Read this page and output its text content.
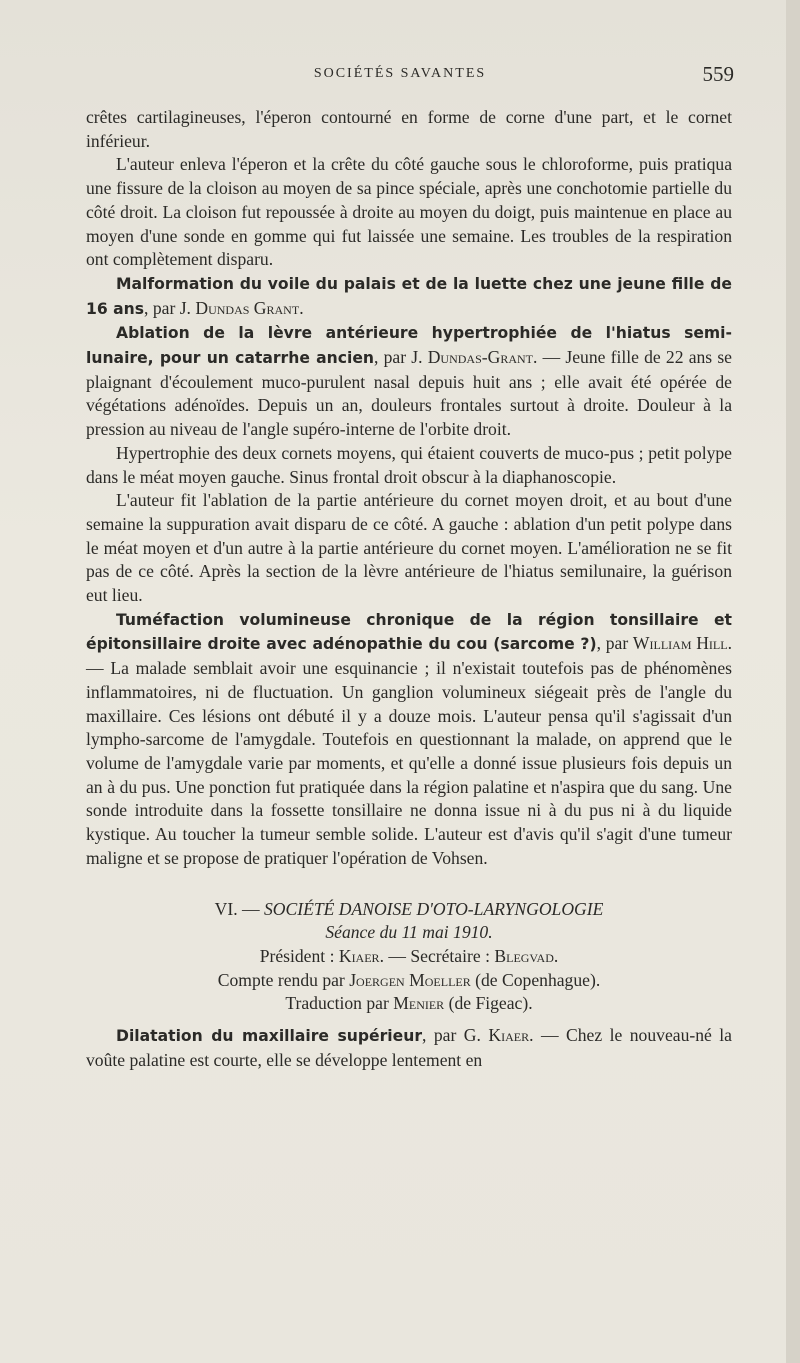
SOCIÉTÉS SAVANTES	559

crêtes cartilagineuses, l'éperon contourné en forme de corne d'une part, et le cornet inférieur.

L'auteur enleva l'éperon et la crête du côté gauche sous le chloroforme, puis pratiqua une fissure de la cloison au moyen de sa pince spéciale, après une conchotomie partielle du côté droit. La cloison fut repoussée à droite au moyen du doigt, puis maintenue en place au moyen d'une sonde en gomme qui fut laissée une semaine. Les troubles de la respiration ont complètement disparu.

Malformation du voile du palais et de la luette chez une jeune fille de 16 ans, par J. Dundas Grant.

Ablation de la lèvre antérieure hypertrophiée de l'hiatus semi-lunaire, pour un catarrhe ancien, par J. Dundas-Grant. — Jeune fille de 22 ans se plaignant d'écoulement muco-purulent nasal depuis huit ans ; elle avait été opérée de végétations adénoïdes. Depuis un an, douleurs frontales surtout à droite. Douleur à la pression au niveau de l'angle supéro-interne de l'orbite droit.

Hypertrophie des deux cornets moyens, qui étaient couverts de muco-pus ; petit polype dans le méat moyen gauche. Sinus frontal droit obscur à la diaphanoscopie.

L'auteur fit l'ablation de la partie antérieure du cornet moyen droit, et au bout d'une semaine la suppuration avait disparu de ce côté. A gauche : ablation d'un petit polype dans le méat moyen et d'un autre à la partie antérieure du cornet moyen. L'amélioration ne se fit pas de ce côté. Après la section de la lèvre antérieure de l'hiatus semilunaire, la guérison eut lieu.

Tuméfaction volumineuse chronique de la région tonsillaire et épitonsillaire droite avec adénopathie du cou (sarcome ?), par William Hill. — La malade semblait avoir une esquinancie ; il n'existait toutefois pas de phénomènes inflammatoires, ni de fluctuation. Un ganglion volumineux siégeait près de l'angle du maxillaire. Ces lésions ont débuté il y a douze mois. L'auteur pensa qu'il s'agissait d'un lympho-sarcome de l'amygdale. Toutefois en questionnant la malade, on apprend que le volume de l'amygdale varie par moments, et qu'elle a donné issue plusieurs fois depuis un an à du pus. Une ponction fut pratiquée dans la région palatine et n'aspira que du sang. Une sonde introduite dans la fossette tonsillaire ne donna issue ni à du pus ni à du liquide kystique. Au toucher la tumeur semble solide. L'auteur est d'avis qu'il s'agit d'une tumeur maligne et se propose de pratiquer l'opération de Vohsen.

VI. — SOCIÉTÉ DANOISE D'OTO-LARYNGOLOGIE

Séance du 11 mai 1910.

Président : Kiaer. — Secrétaire : Blegvad.

Compte rendu par Joergen Moeller (de Copenhague).

Traduction par Menier (de Figeac).

Dilatation du maxillaire supérieur, par G. Kiaer. — Chez le nouveau-né la voûte palatine est courte, elle se développe lentement en
